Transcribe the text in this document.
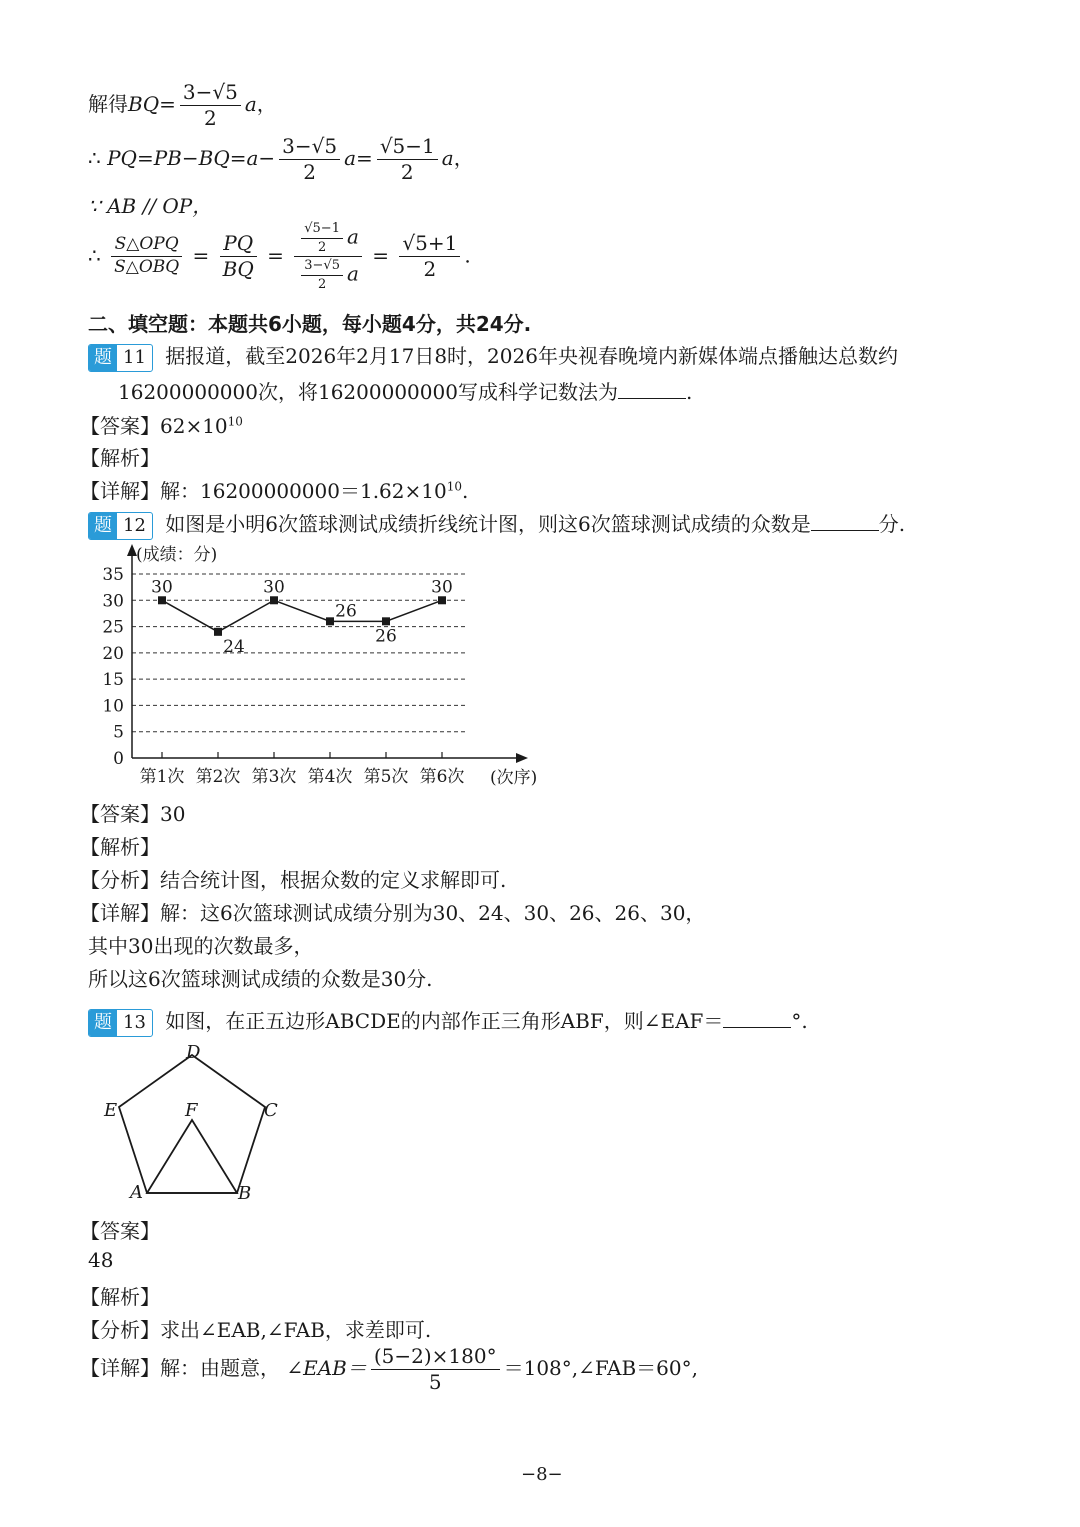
解得$BQ= \frac{3-√5}{2}$ a，
∴ $PQ=PB-BQ=a- \frac{3-√5}{2} a= \frac{√5-1}{2}$ a，
∵ AB // OP，
∴ $\frac{\text{S△OPQ}}{\text{S△OBQ}} = \frac{PQ}{BQ} = \frac{\frac{√5-1}{2} a}{\frac{3-√5}{2} a} = \frac{√5+1}{2}$ .
二、填空题：本题共6小题，每小题4分，共24分.
题 11 据报道，截至2026年2月17日8时，2026年央视春晚境内新媒体端点播触达总数约
16200000000次，将16200000000写成科学记数法为	.
【答案】$62\times 10^{10}$
【解析】
【详解】解：$16200000000=1.62\times 10^{10}$.
题 12 如图是小明6次篮球测试成绩折线统计图，则这6次篮球测试成绩的众数是	分.
(成绩：分)
(次序)
0
5
10
15
20
25
30
35
第1次 第2次 第3次 第4次 第5次 第6次
30
24
30
26
26
30
【答案】30
【解析】
【分析】结合统计图，根据众数的定义求解即可.
【详解】解：这6次篮球测试成绩分别为30、24、30、26、26、30，
其中30出现的次数最多，
所以这6次篮球测试成绩的众数是30分.
题 13 如图，在正五边形ABCDE的内部作正三角形ABF，则∠EAF＝	°.
A	B
C
D
E	F
【答案】
48
【解析】
【分析】求出∠EAB,∠FAB，求差即可.
【详解】解：由题意， ∠EAB＝ $\frac{(5-2)\times 180^\circ}{5}$ ＝108°,∠FAB＝60°,
−8−
